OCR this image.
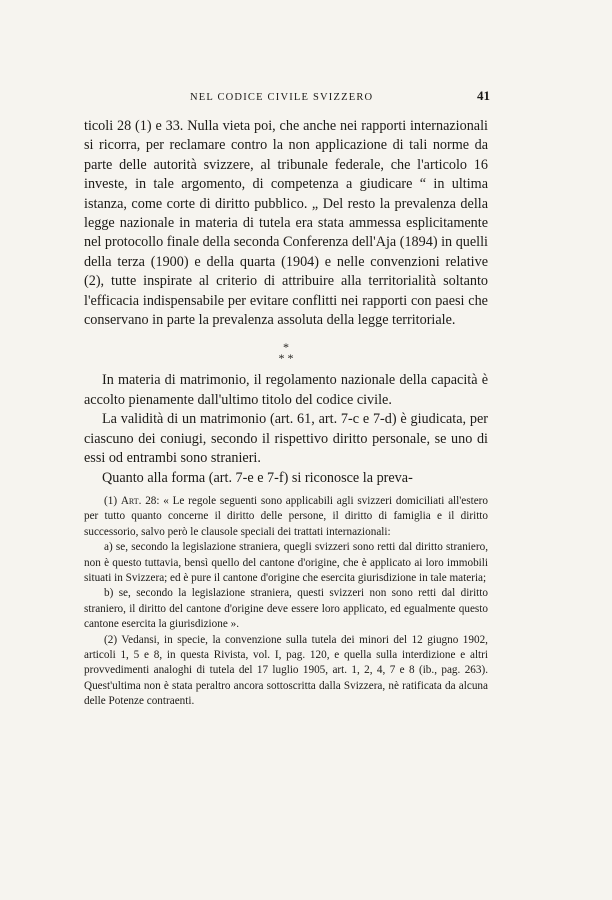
NEL CODICE CIVILE SVIZZERO	41

ticoli 28 (1) e 33. Nulla vieta poi, che anche nei rapporti internazionali si ricorra, per reclamare contro la non applicazione di tali norme da parte delle autorità svizzere, al tribunale federale, che l'articolo 16 investe, in tale argomento, di competenza a giudicare “ in ultima istanza, come corte di diritto pubblico. „ Del resto la prevalenza della legge nazionale in materia di tutela era stata ammessa esplicitamente nel protocollo finale della seconda Conferenza dell'Aja (1894) in quelli della terza (1900) e della quarta (1904) e nelle convenzioni relative (2), tutte inspirate al criterio di attribuire alla territorialità soltanto l'efficacia indispensabile per evitare conflitti nei rapporti con paesi che conservano in parte la prevalenza assoluta della legge territoriale.

*
* *

In materia di matrimonio, il regolamento nazionale della capacità è accolto pienamente dall'ultimo titolo del codice civile.

La validità di un matrimonio (art. 61, art. 7-c e 7-d) è giudicata, per ciascuno dei coniugi, secondo il rispettivo diritto personale, se uno di essi od entrambi sono stranieri.

Quanto alla forma (art. 7-e e 7-f) si riconosce la preva-

(1) Art. 28: « Le regole seguenti sono applicabili agli svizzeri domiciliati all'estero per tutto quanto concerne il diritto delle persone, il diritto di famiglia e il diritto successorio, salvo però le clausole speciali dei trattati internazionali:

a) se, secondo la legislazione straniera, quegli svizzeri sono retti dal diritto straniero, non è questo tuttavia, bensì quello del cantone d'origine, che è applicato ai loro immobili situati in Svizzera; ed è pure il cantone d'origine che esercita giurisdizione in tale materia;

b) se, secondo la legislazione straniera, questi svizzeri non sono retti dal diritto straniero, il diritto del cantone d'origine deve essere loro applicato, ed egualmente questo cantone esercita la giurisdizione ».

(2) Vedansi, in specie, la convenzione sulla tutela dei minori del 12 giugno 1902, articoli 1, 5 e 8, in questa Rivista, vol. I, pag. 120, e quella sulla interdizione e altri provvedimenti analoghi di tutela del 17 luglio 1905, art. 1, 2, 4, 7 e 8 (ib., pag. 263). Quest'ultima non è stata peraltro ancora sottoscritta dalla Svizzera, nè ratificata da alcuna delle Potenze contraenti.
